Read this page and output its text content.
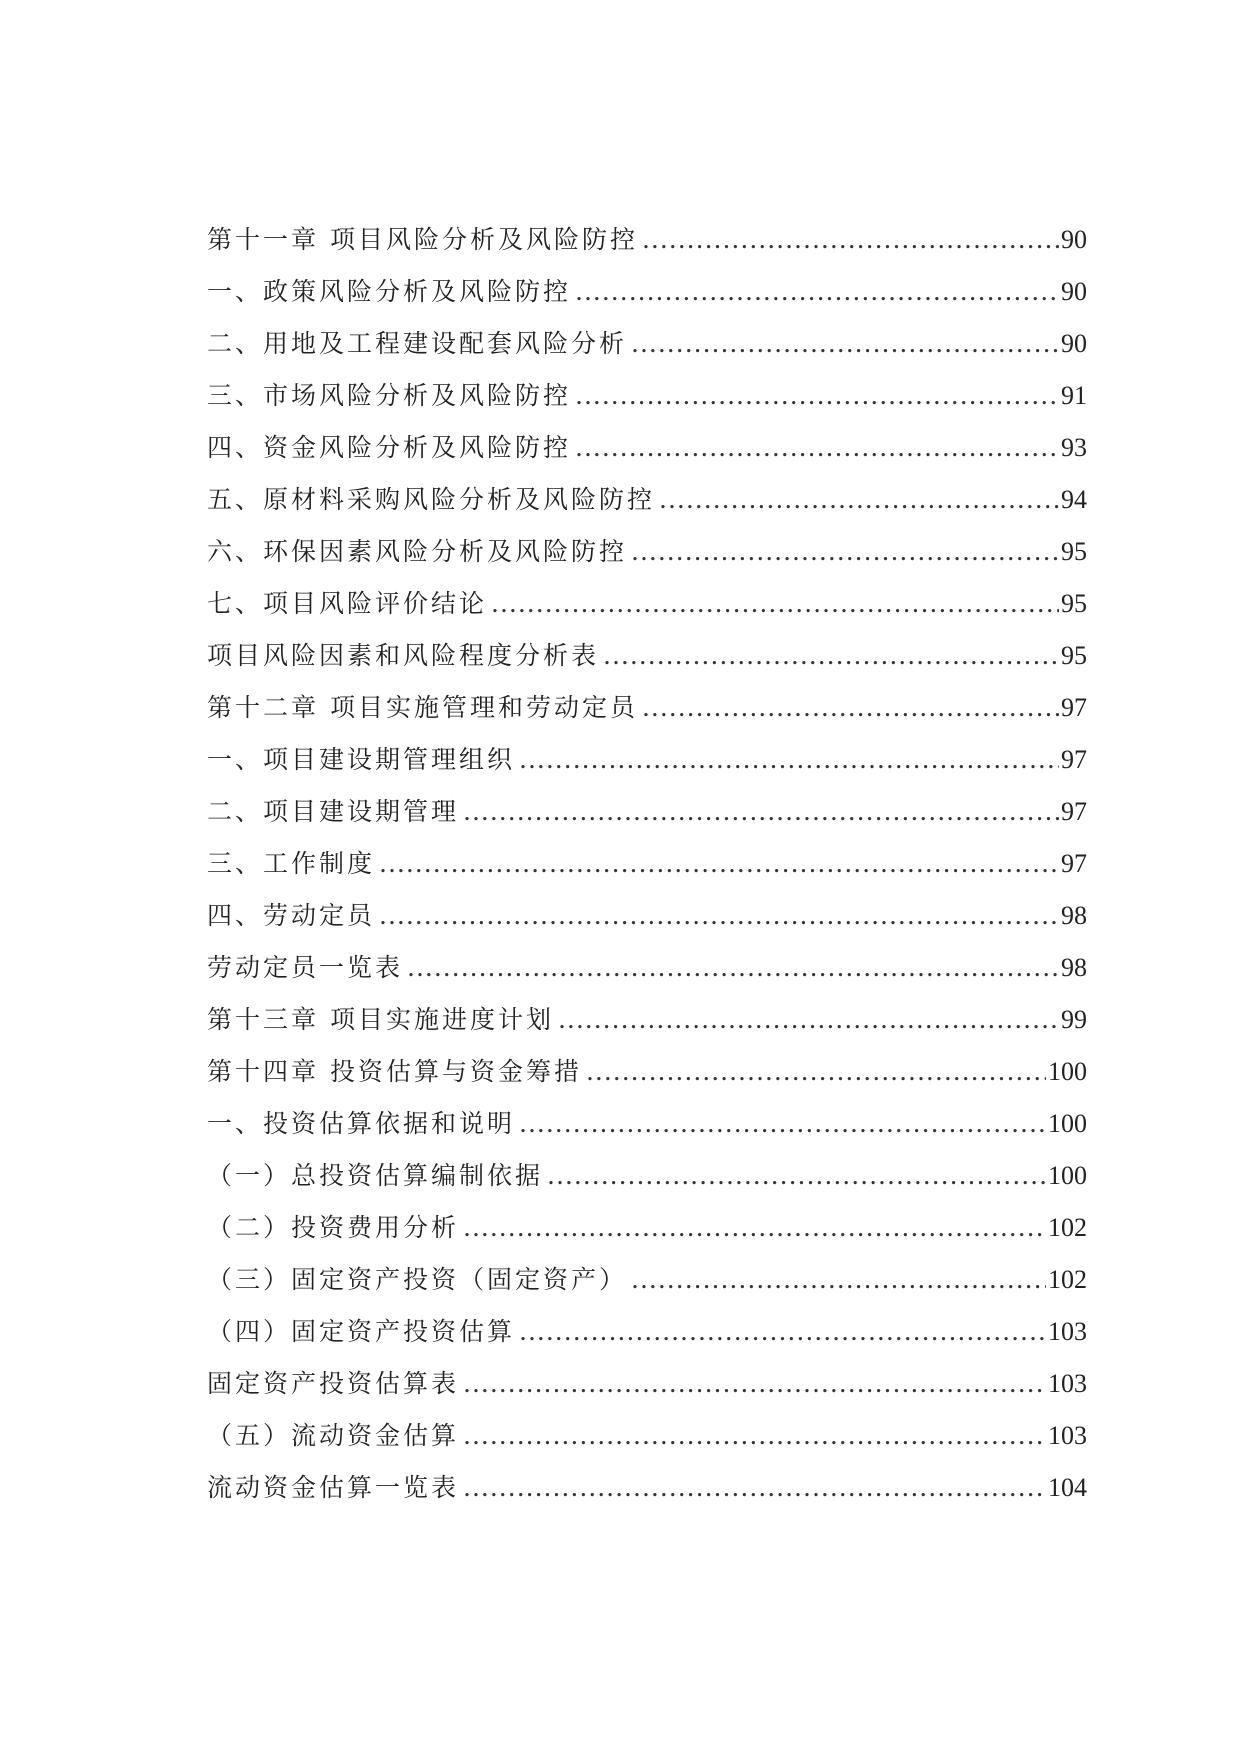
第十一章 项目风险分析及风险防控 .....	90
一、政策风险分析及风险防控 .....	90
二、用地及工程建设配套风险分析 .....	90
三、市场风险分析及风险防控 .....	91
四、资金风险分析及风险防控 .....	93
五、原材料采购风险分析及风险防控 .....	94
六、环保因素风险分析及风险防控 .....	95
七、项目风险评价结论 .....	95
项目风险因素和风险程度分析表 .....	95
第十二章 项目实施管理和劳动定员 .....	97
一、项目建设期管理组织 .....	97
二、项目建设期管理 .....	97
三、工作制度 .....	97
四、劳动定员 .....	98
劳动定员一览表 .....	98
第十三章 项目实施进度计划 .....	99
第十四章 投资估算与资金筹措 .....	100
一、投资估算依据和说明 .....	100
（一）总投资估算编制依据 .....	100
（二）投资费用分析 .....	102
（三）固定资产投资（固定资产） .....	102
（四）固定资产投资估算 .....	103
固定资产投资估算表 .....	103
（五）流动资金估算 .....	103
流动资金估算一览表 .....	104
